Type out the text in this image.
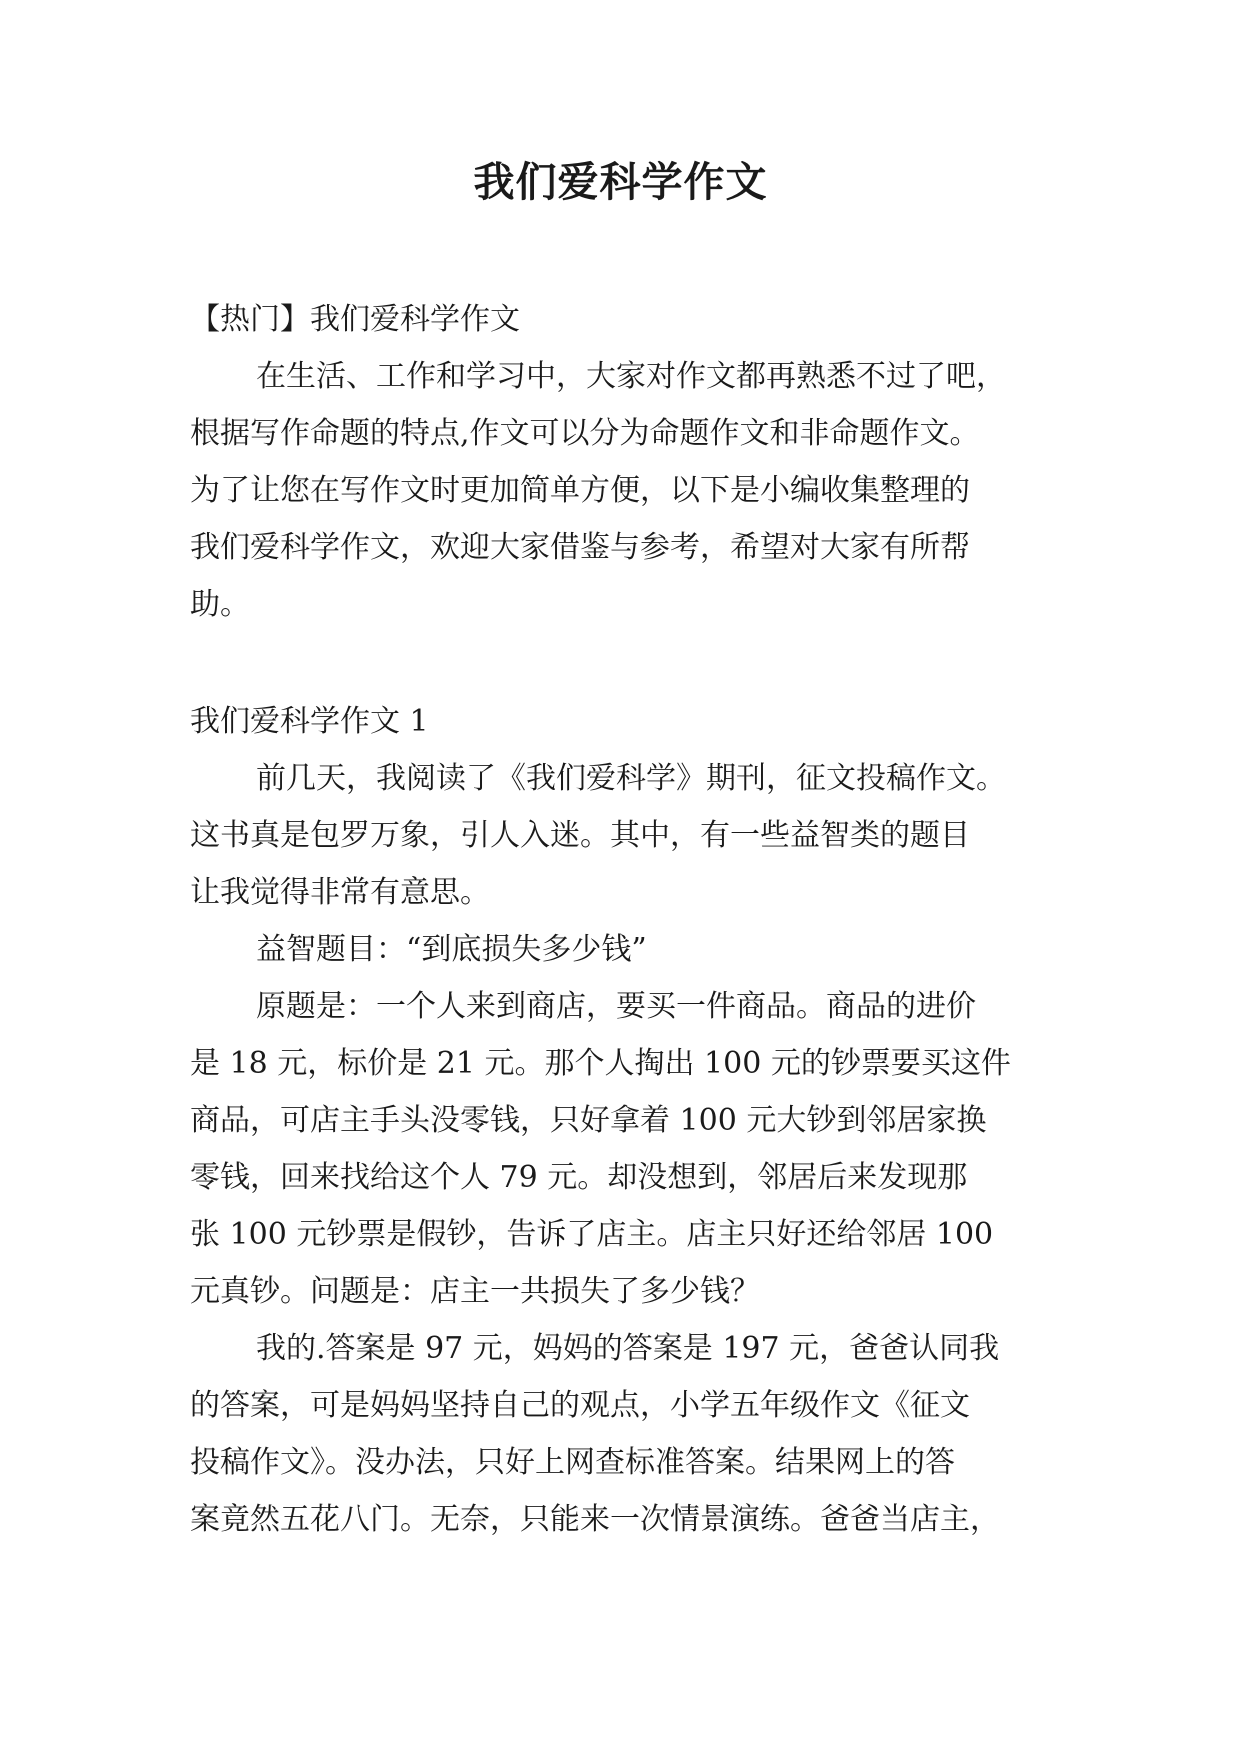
我们爱科学作文
【热门】我们爱科学作文
在生活、工作和学习中，大家对作文都再熟悉不过了吧，
根据写作命题的特点,作文可以分为命题作文和非命题作文。
为了让您在写作文时更加简单方便，以下是小编收集整理的
我们爱科学作文，欢迎大家借鉴与参考，希望对大家有所帮
助。
我们爱科学作文 1
前几天，我阅读了《我们爱科学》期刊，征文投稿作文。
这书真是包罗万象，引人入迷。其中，有一些益智类的题目
让我觉得非常有意思。
益智题目：“到底损失多少钱”
原题是：一个人来到商店，要买一件商品。商品的进价
是 18 元，标价是 21 元。那个人掏出 100 元的钞票要买这件
商品，可店主手头没零钱，只好拿着 100 元大钞到邻居家换
零钱，回来找给这个人 79 元。却没想到，邻居后来发现那
张 100 元钞票是假钞，告诉了店主。店主只好还给邻居 100
元真钞。问题是：店主一共损失了多少钱？
我的.答案是 97 元，妈妈的答案是 197 元，爸爸认同我
的答案，可是妈妈坚持自己的观点，小学五年级作文《征文
投稿作文》。没办法，只好上网查标准答案。结果网上的答
案竟然五花八门。无奈，只能来一次情景演练。爸爸当店主，
